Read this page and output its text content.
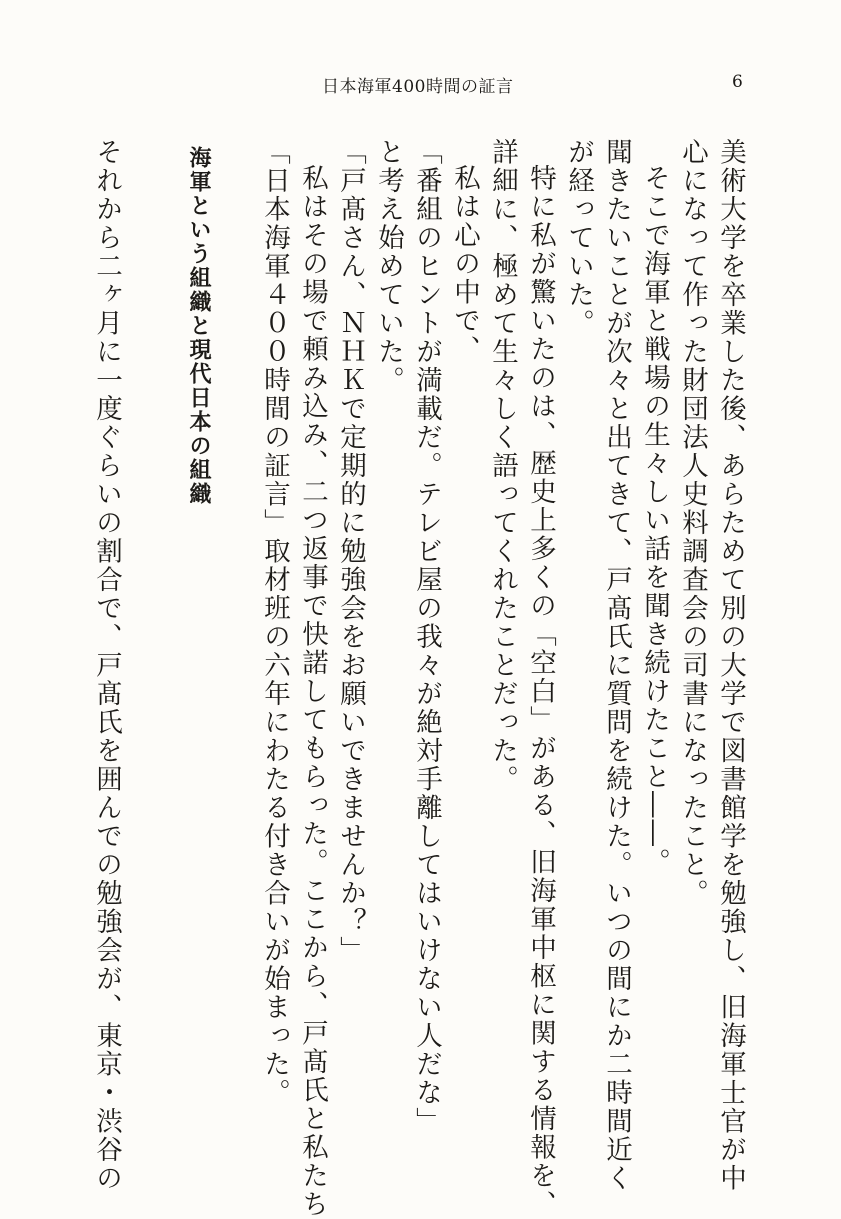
日本海軍400時間の証言	6
美術大学を卒業した後、あらためて別の大学で図書館学を勉強し、旧海軍士官が中
心になって作った財団法人史料調査会の司書になったこと。
そこで海軍と戦場の生々しい話を聞き続けたこと――。
聞きたいことが次々と出てきて、戸髙氏に質問を続けた。いつの間にか二時間近く
が経っていた。
特に私が驚いたのは、歴史上多くの「空白」がある、旧海軍中枢に関する情報を、
詳細に、極めて生々しく語ってくれたことだった。
私は心の中で、
「番組のヒントが満載だ。テレビ屋の我々が絶対手離してはいけない人だな」
と考え始めていた。
「戸髙さん、ＮＨＫで定期的に勉強会をお願いできませんか？」
私はその場で頼み込み、二つ返事で快諾してもらった。ここから、戸髙氏と私たち
「日本海軍４００時間の証言」取材班の六年にわたる付き合いが始まった。
海軍という組織と現代日本の組織
それから二ヶ月に一度ぐらいの割合で、戸髙氏を囲んでの勉強会が、東京・渋谷の
